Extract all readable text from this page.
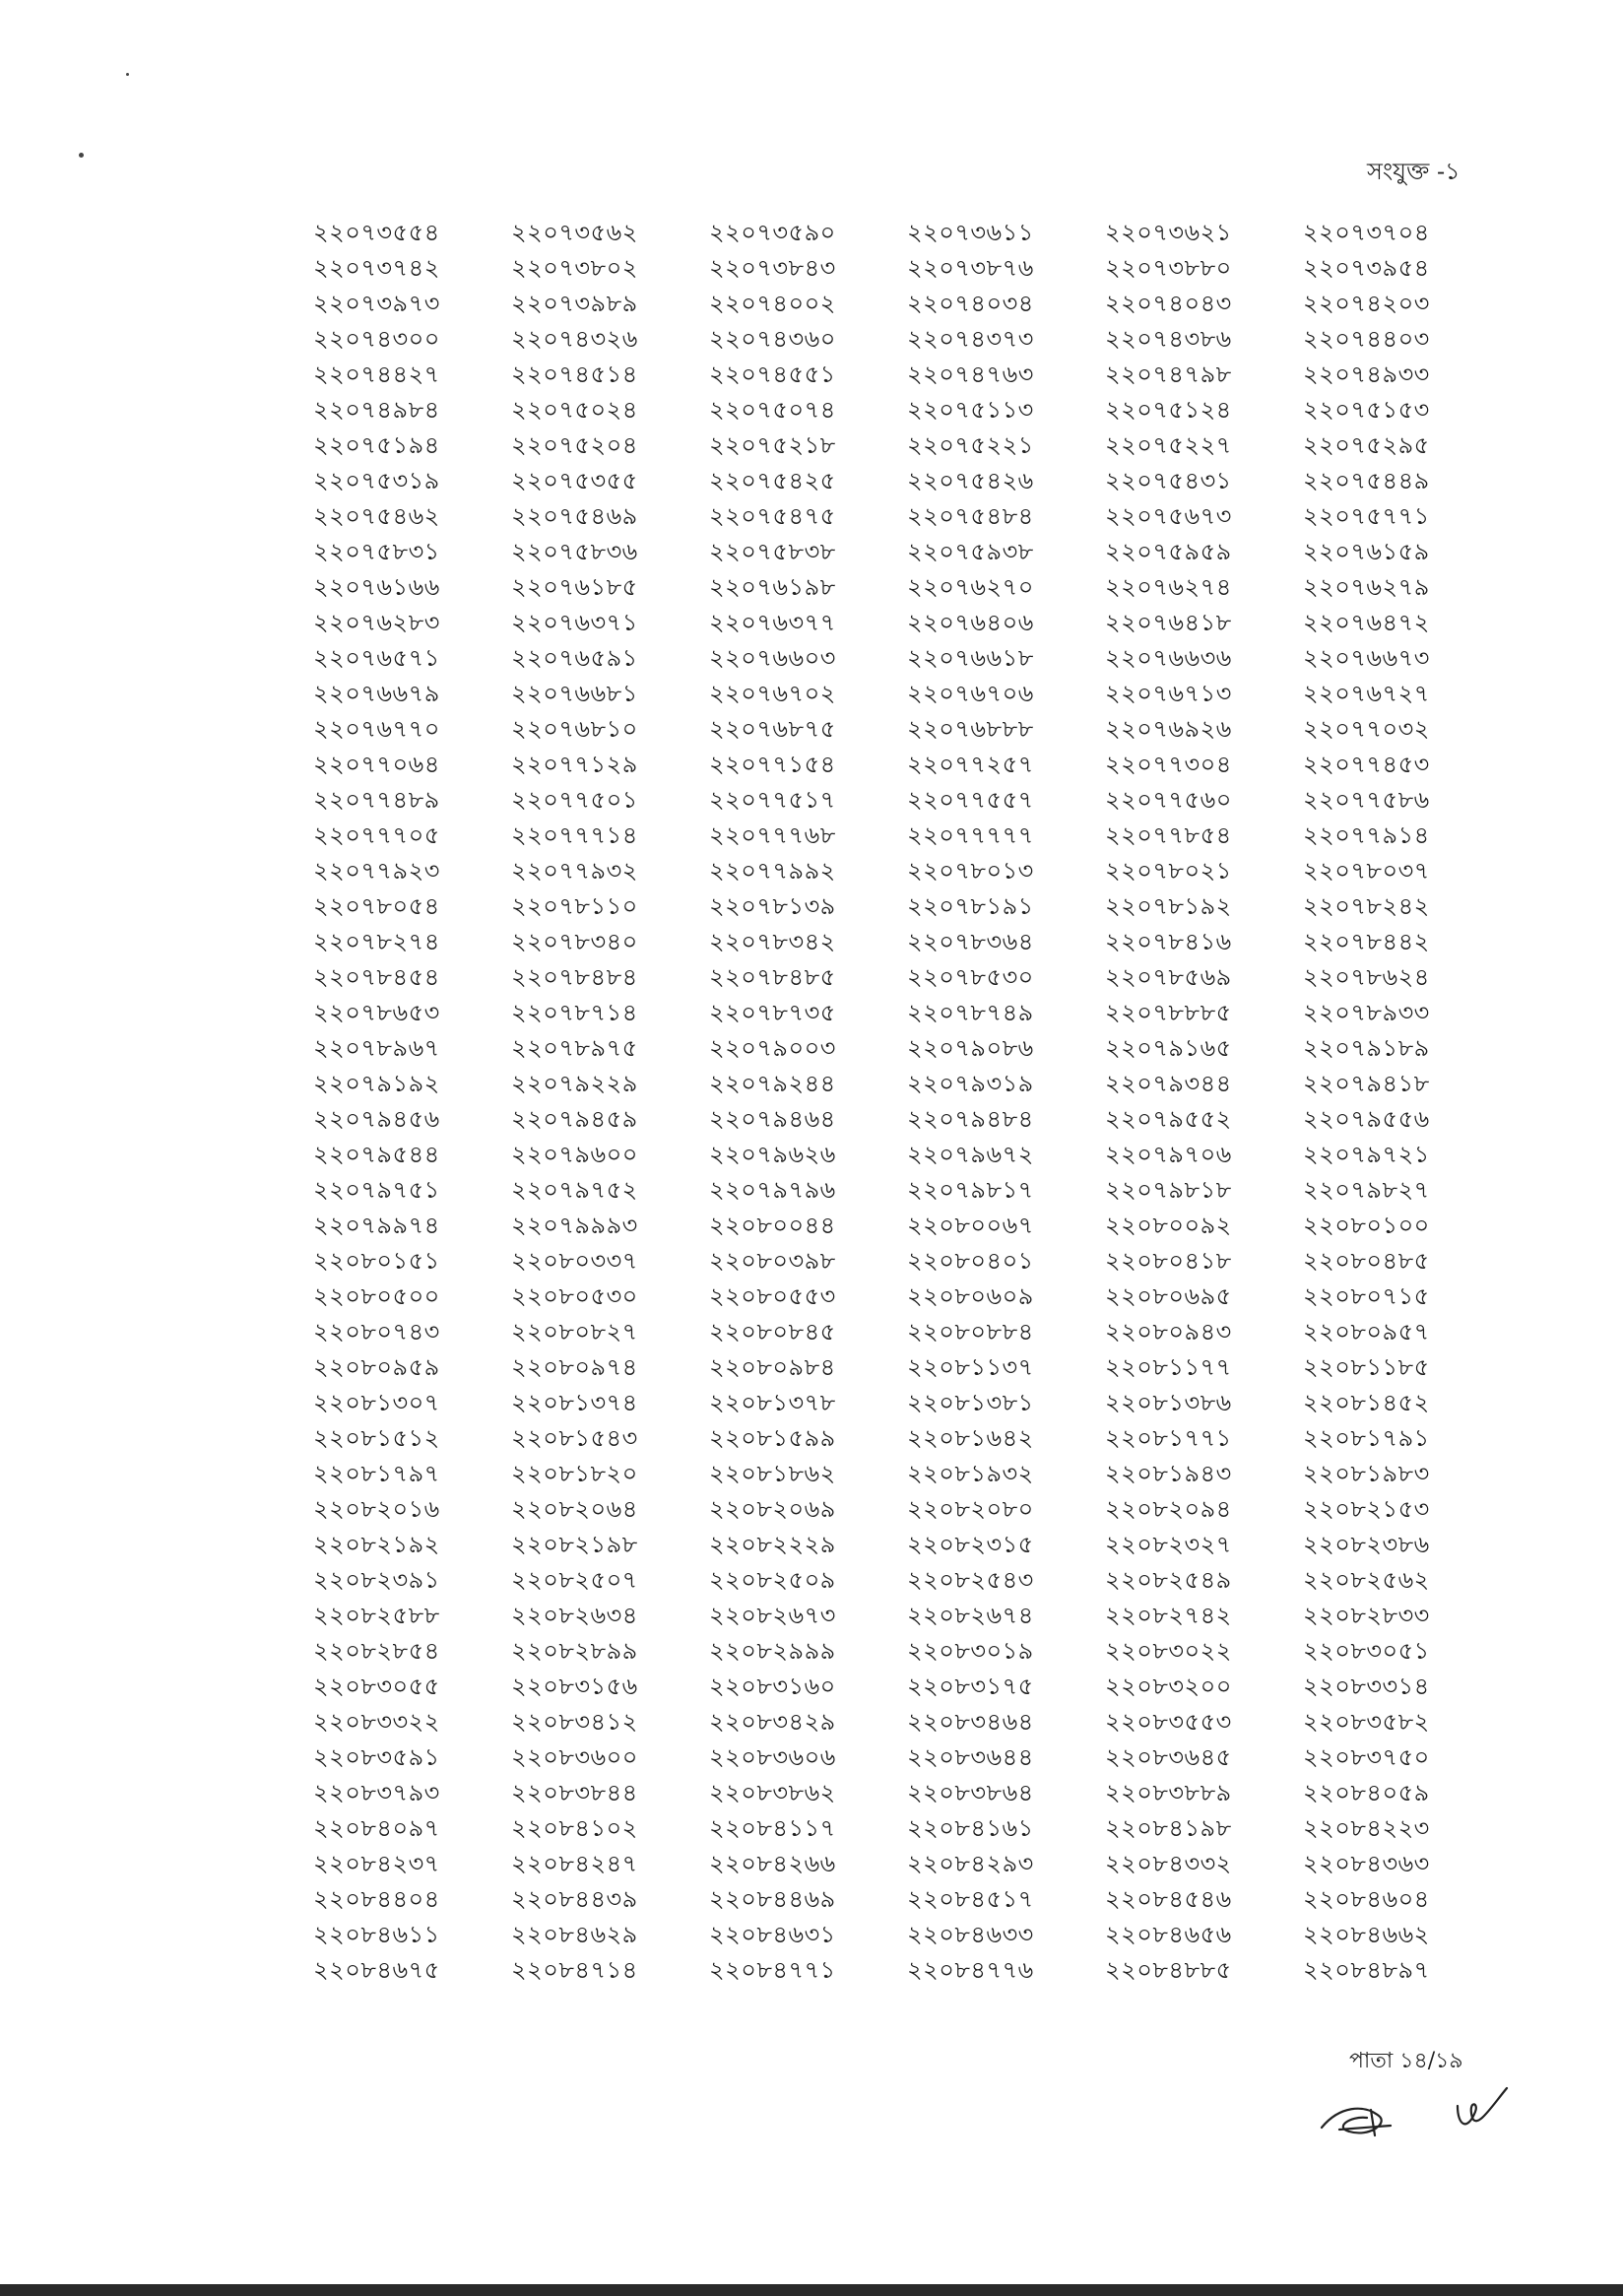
সংযুক্ত -১
২২০৭৩৫৫৪	২২০৭৩৫৬২	২২০৭৩৫৯০	২২০৭৩৬১১	২২০৭৩৬২১	২২০৭৩৭০৪
২২০৭৩৭৪২	২২০৭৩৮০২	২২০৭৩৮৪৩	২২০৭৩৮৭৬	২২০৭৩৮৮০	২২০৭৩৯৫৪
২২০৭৩৯৭৩	২২০৭৩৯৮৯	২২০৭৪০০২	২২০৭৪০৩৪	২২০৭৪০৪৩	২২০৭৪২০৩
২২০৭৪৩০০	২২০৭৪৩২৬	২২০৭৪৩৬০	২২০৭৪৩৭৩	২২০৭৪৩৮৬	২২০৭৪৪০৩
২২০৭৪৪২৭	২২০৭৪৫১৪	২২০৭৪৫৫১	২২০৭৪৭৬৩	২২০৭৪৭৯৮	২২০৭৪৯৩৩
২২০৭৪৯৮৪	২২০৭৫০২৪	২২০৭৫০৭৪	২২০৭৫১১৩	২২০৭৫১২৪	২২০৭৫১৫৩
২২০৭৫১৯৪	২২০৭৫২০৪	২২০৭৫২১৮	২২০৭৫২২১	২২০৭৫২২৭	২২০৭৫২৯৫
২২০৭৫৩১৯	২২০৭৫৩৫৫	২২০৭৫৪২৫	২২০৭৫৪২৬	২২০৭৫৪৩১	২২০৭৫৪৪৯
২২০৭৫৪৬২	২২০৭৫৪৬৯	২২০৭৫৪৭৫	২২০৭৫৪৮৪	২২০৭৫৬৭৩	২২০৭৫৭৭১
২২০৭৫৮৩১	২২০৭৫৮৩৬	২২০৭৫৮৩৮	২২০৭৫৯৩৮	২২০৭৫৯৫৯	২২০৭৬১৫৯
২২০৭৬১৬৬	২২০৭৬১৮৫	২২০৭৬১৯৮	২২০৭৬২৭০	২২০৭৬২৭৪	২২০৭৬২৭৯
২২০৭৬২৮৩	২২০৭৬৩৭১	২২০৭৬৩৭৭	২২০৭৬৪০৬	২২০৭৬৪১৮	২২০৭৬৪৭২
২২০৭৬৫৭১	২২০৭৬৫৯১	২২০৭৬৬০৩	২২০৭৬৬১৮	২২০৭৬৬৩৬	২২০৭৬৬৭৩
২২০৭৬৬৭৯	২২০৭৬৬৮১	২২০৭৬৭০২	২২০৭৬৭০৬	২২০৭৬৭১৩	২২০৭৬৭২৭
২২০৭৬৭৭০	২২০৭৬৮১০	২২০৭৬৮৭৫	২২০৭৬৮৮৮	২২০৭৬৯২৬	২২০৭৭০৩২
২২০৭৭০৬৪	২২০৭৭১২৯	২২০৭৭১৫৪	২২০৭৭২৫৭	২২০৭৭৩০৪	২২০৭৭৪৫৩
২২০৭৭৪৮৯	২২০৭৭৫০১	২২০৭৭৫১৭	২২০৭৭৫৫৭	২২০৭৭৫৬০	২২০৭৭৫৮৬
২২০৭৭৭০৫	২২০৭৭৭১৪	২২০৭৭৭৬৮	২২০৭৭৭৭৭	২২০৭৭৮৫৪	২২০৭৭৯১৪
২২০৭৭৯২৩	২২০৭৭৯৩২	২২০৭৭৯৯২	২২০৭৮০১৩	২২০৭৮০২১	২২০৭৮০৩৭
২২০৭৮০৫৪	২২০৭৮১১০	২২০৭৮১৩৯	২২০৭৮১৯১	২২০৭৮১৯২	২২০৭৮২৪২
২২০৭৮২৭৪	২২০৭৮৩৪০	২২০৭৮৩৪২	২২০৭৮৩৬৪	২২০৭৮৪১৬	২২০৭৮৪৪২
২২০৭৮৪৫৪	২২০৭৮৪৮৪	২২০৭৮৪৮৫	২২০৭৮৫৩০	২২০৭৮৫৬৯	২২০৭৮৬২৪
২২০৭৮৬৫৩	২২০৭৮৭১৪	২২০৭৮৭৩৫	২২০৭৮৭৪৯	২২০৭৮৮৮৫	২২০৭৮৯৩৩
২২০৭৮৯৬৭	২২০৭৮৯৭৫	২২০৭৯০০৩	২২০৭৯০৮৬	২২০৭৯১৬৫	২২০৭৯১৮৯
২২০৭৯১৯২	২২০৭৯২২৯	২২০৭৯২৪৪	২২০৭৯৩১৯	২২০৭৯৩৪৪	২২০৭৯৪১৮
২২০৭৯৪৫৬	২২০৭৯৪৫৯	২২০৭৯৪৬৪	২২০৭৯৪৮৪	২২০৭৯৫৫২	২২০৭৯৫৫৬
২২০৭৯৫৪৪	২২০৭৯৬০০	২২০৭৯৬২৬	২২০৭৯৬৭২	২২০৭৯৭০৬	২২০৭৯৭২১
২২০৭৯৭৫১	২২০৭৯৭৫২	২২০৭৯৭৯৬	২২০৭৯৮১৭	২২০৭৯৮১৮	২২০৭৯৮২৭
২২০৭৯৯৭৪	২২০৭৯৯৯৩	২২০৮০০৪৪	২২০৮০০৬৭	২২০৮০০৯২	২২০৮০১০০
২২০৮০১৫১	২২০৮০৩৩৭	২২০৮০৩৯৮	২২০৮০৪০১	২২০৮০৪১৮	২২০৮০৪৮৫
২২০৮০৫০০	২২০৮০৫৩০	২২০৮০৫৫৩	২২০৮০৬০৯	২২০৮০৬৯৫	২২০৮০৭১৫
২২০৮০৭৪৩	২২০৮০৮২৭	২২০৮০৮৪৫	২২০৮০৮৮৪	২২০৮০৯৪৩	২২০৮০৯৫৭
২২০৮০৯৫৯	২২০৮০৯৭৪	২২০৮০৯৮৪	২২০৮১১৩৭	২২০৮১১৭৭	২২০৮১১৮৫
২২০৮১৩০৭	২২০৮১৩৭৪	২২০৮১৩৭৮	২২০৮১৩৮১	২২০৮১৩৮৬	২২০৮১৪৫২
২২০৮১৫১২	২২০৮১৫৪৩	২২০৮১৫৯৯	২২০৮১৬৪২	২২০৮১৭৭১	২২০৮১৭৯১
২২০৮১৭৯৭	২২০৮১৮২০	২২০৮১৮৬২	২২০৮১৯৩২	২২০৮১৯৪৩	২২০৮১৯৮৩
২২০৮২০১৬	২২০৮২০৬৪	২২০৮২০৬৯	২২০৮২০৮০	২২০৮২০৯৪	২২০৮২১৫৩
২২০৮২১৯২	২২০৮২১৯৮	২২০৮২২২৯	২২০৮২৩১৫	২২০৮২৩২৭	২২০৮২৩৮৬
২২০৮২৩৯১	২২০৮২৫০৭	২২০৮২৫০৯	২২০৮২৫৪৩	২২০৮২৫৪৯	২২০৮২৫৬২
২২০৮২৫৮৮	২২০৮২৬৩৪	২২০৮২৬৭৩	২২০৮২৬৭৪	২২০৮২৭৪২	২২০৮২৮৩৩
২২০৮২৮৫৪	২২০৮২৮৯৯	২২০৮২৯৯৯	২২০৮৩০১৯	২২০৮৩০২২	২২০৮৩০৫১
২২০৮৩০৫৫	২২০৮৩১৫৬	২২০৮৩১৬০	২২০৮৩১৭৫	২২০৮৩২০০	২২০৮৩৩১৪
২২০৮৩৩২২	২২০৮৩৪১২	২২০৮৩৪২৯	২২০৮৩৪৬৪	২২০৮৩৫৫৩	২২০৮৩৫৮২
২২০৮৩৫৯১	২২০৮৩৬০০	২২০৮৩৬০৬	২২০৮৩৬৪৪	২২০৮৩৬৪৫	২২০৮৩৭৫০
২২০৮৩৭৯৩	২২০৮৩৮৪৪	২২০৮৩৮৬২	২২০৮৩৮৬৪	২২০৮৩৮৮৯	২২০৮৪০৫৯
২২০৮৪০৯৭	২২০৮৪১০২	২২০৮৪১১৭	২২০৮৪১৬১	২২০৮৪১৯৮	২২০৮৪২২৩
২২০৮৪২৩৭	২২০৮৪২৪৭	২২০৮৪২৬৬	২২০৮৪২৯৩	২২০৮৪৩৩২	২২০৮৪৩৬৩
২২০৮৪৪০৪	২২০৮৪৪৩৯	২২০৮৪৪৬৯	২২০৮৪৫১৭	২২০৮৪৫৪৬	২২০৮৪৬০৪
২২০৮৪৬১১	২২০৮৪৬২৯	২২০৮৪৬৩১	২২০৮৪৬৩৩	২২০৮৪৬৫৬	২২০৮৪৬৬২
২২০৮৪৬৭৫	২২০৮৪৭১৪	২২০৮৪৭৭১	২২০৮৪৭৭৬	২২০৮৪৮৮৫	২২০৮৪৮৯৭
পাতা ১৪/১৯
